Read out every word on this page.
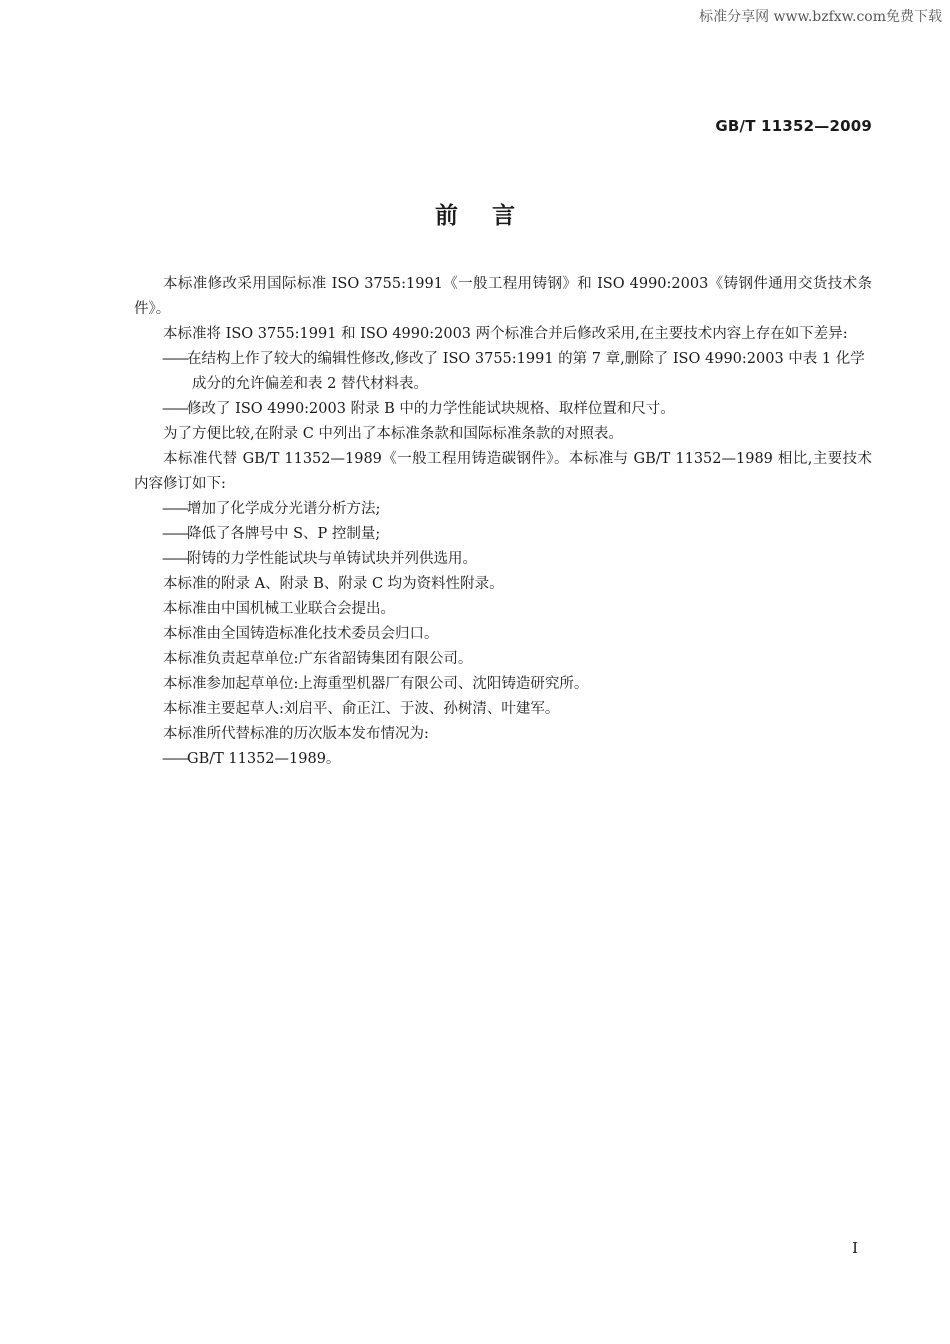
标准分享网 www.bzfxw.com免费下载
GB/T 11352—2009
前言

本标准修改采用国际标准 ISO 3755:1991《一般工程用铸钢》和 ISO 4990:2003《铸钢件通用交货技术条件》。

本标准将 ISO 3755:1991 和 ISO 4990:2003 两个标准合并后修改采用,在主要技术内容上存在如下差异:

——在结构上作了较大的编辑性修改,修改了 ISO 3755:1991 的第 7 章,删除了 ISO 4990:2003 中表 1 化学成分的允许偏差和表 2 替代材料表。

——修改了 ISO 4990:2003 附录 B 中的力学性能试块规格、取样位置和尺寸。

为了方便比较,在附录 C 中列出了本标准条款和国际标准条款的对照表。

本标准代替 GB/T 11352—1989《一般工程用铸造碳钢件》。本标准与 GB/T 11352—1989 相比,主要技术内容修订如下:

——增加了化学成分光谱分析方法;

——降低了各牌号中 S、P 控制量;

——附铸的力学性能试块与单铸试块并列供选用。

本标准的附录 A、附录 B、附录 C 均为资料性附录。

本标准由中国机械工业联合会提出。

本标准由全国铸造标准化技术委员会归口。

本标准负责起草单位:广东省韶铸集团有限公司。

本标准参加起草单位:上海重型机器厂有限公司、沈阳铸造研究所。

本标准主要起草人:刘启平、俞正江、于波、孙树清、叶建军。

本标准所代替标准的历次版本发布情况为:

——GB/T 11352—1989。

I
